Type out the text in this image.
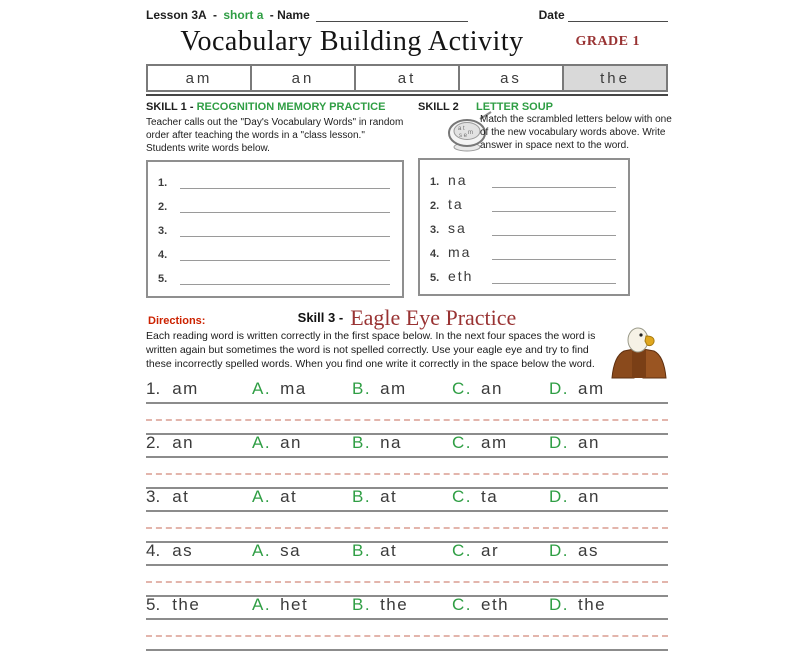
Lesson 3A - short a - Name	Date
Vocabulary Building Activity	GRADE 1
am	an	at	as	the
SKILL 1 - RECOGNITION MEMORY PRACTICE

Teacher calls out the "Day's Vocabulary Words" in random order after teaching the words in a "class lesson." Students write words below.

1.
2.
3.
4.
5.
SKILL 2
a t
m
s e
LETTER SOUP

Match the scrambled letters below with one of the new vocabulary words above. Write answer in space next to the word.

1. na
2. ta
3. sa
4. ma
5. eth
Directions:	Skill 3 - Eagle Eye Practice

Each reading word is written correctly in the first space below. In the next four spaces the word is written again but sometimes the word is not spelled correctly. Use your eagle eye and try to find these incorrectly spelled words. When you find one write it correctly in the space below the word.

1. am	A. ma	B. am	C. an	D. am
2. an	A. an	B. na	C. am	D. an
3. at	A. at	B. at	C. ta	D. an
4. as	A. sa	B. at	C. ar	D. as
5. the	A. het	B. the	C. eth	D. the
